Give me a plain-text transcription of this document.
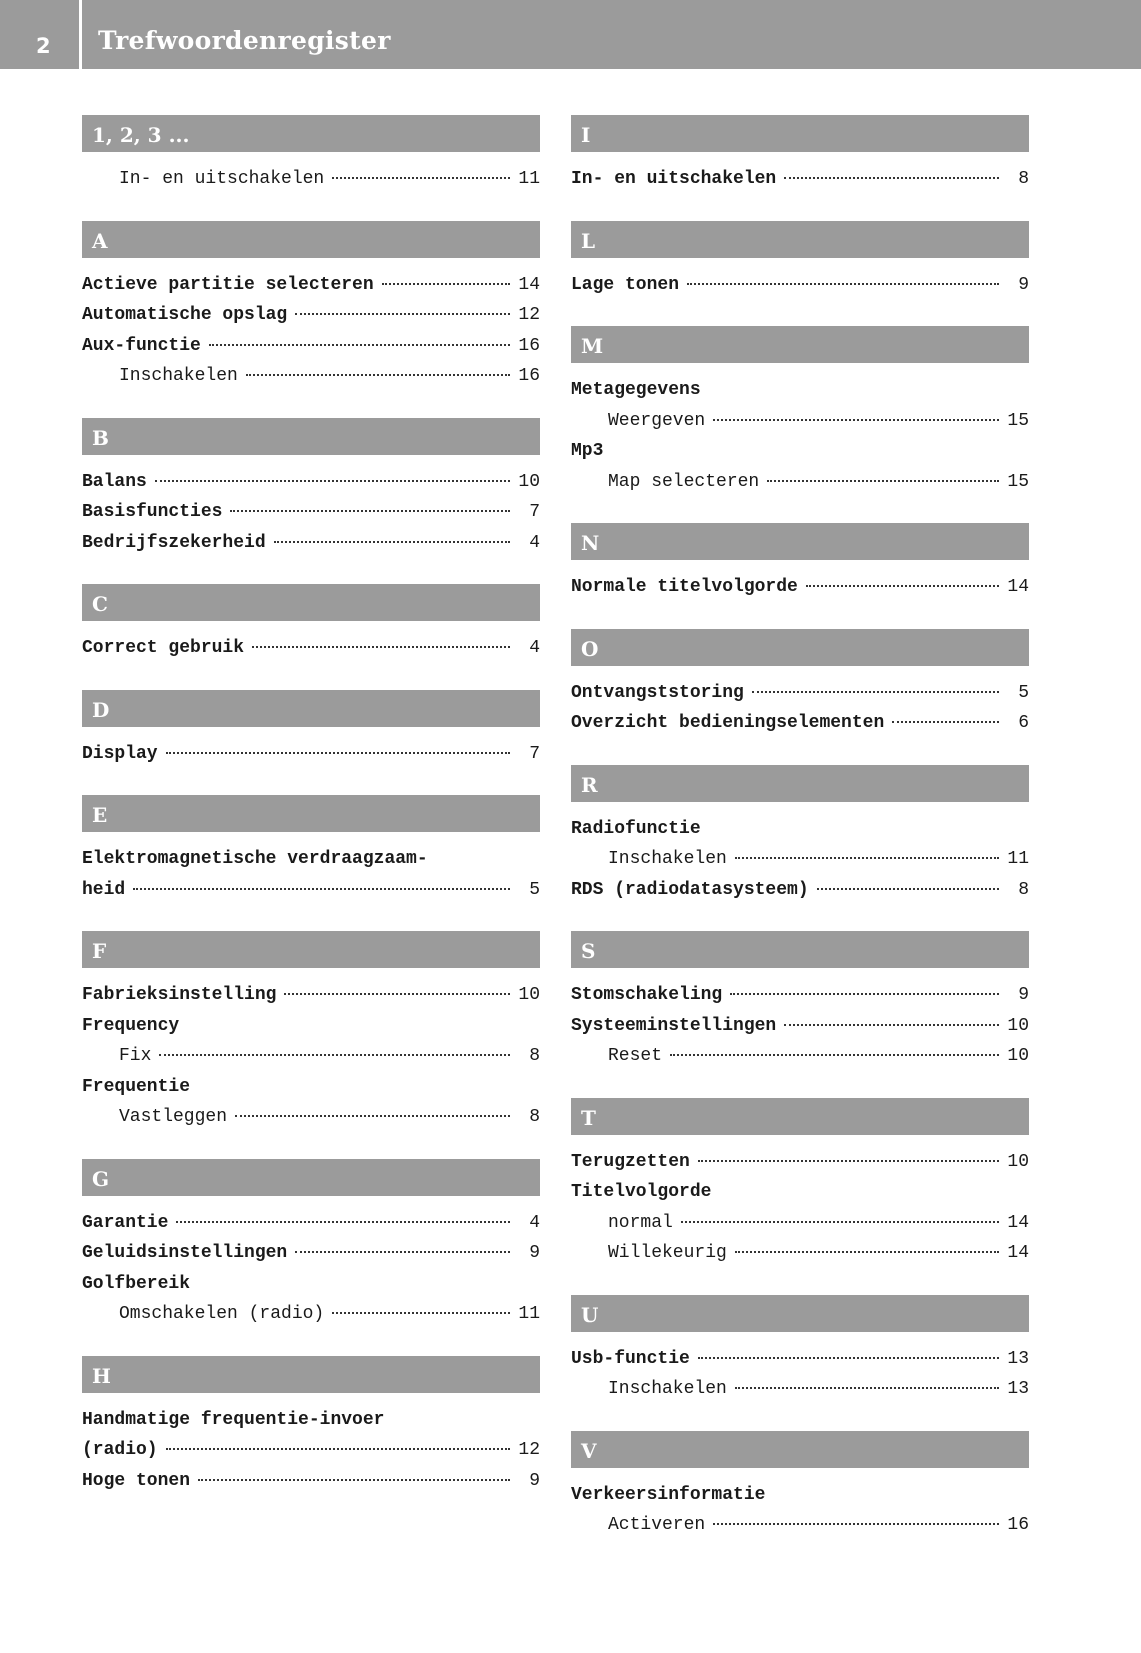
2 Trefwoordenregister
1, 2, 3 ...
In- en uitschakelen	11
A
Actieve partitie selecteren	14
Automatische opslag	12
Aux-functie	16
Inschakelen	16
B
Balans	10
Basisfuncties	7
Bedrijfszekerheid	4
C
Correct gebruik	4
D
Display	7
E
Elektromagnetische verdraagzaam-
heid	5
F
Fabrieksinstelling	10
Frequency
Fix	8
Frequentie
Vastleggen	8
G
Garantie	4
Geluidsinstellingen	9
Golfbereik
Omschakelen (radio)	11
H
Handmatige frequentie-invoer
(radio)	12
Hoge tonen	9
I
In- en uitschakelen	8
L
Lage tonen	9
M
Metagegevens
Weergeven	15
Mp3
Map selecteren	15
N
Normale titelvolgorde	14
O
Ontvangststoring	5
Overzicht bedieningselementen	6
R
Radiofunctie
Inschakelen	11
RDS (radiodatasysteem)	8
S
Stomschakeling	9
Systeeminstellingen	10
Reset	10
T
Terugzetten	10
Titelvolgorde
normal	14
Willekeurig	14
U
Usb-functie	13
Inschakelen	13
V
Verkeersinformatie
Activeren	16
